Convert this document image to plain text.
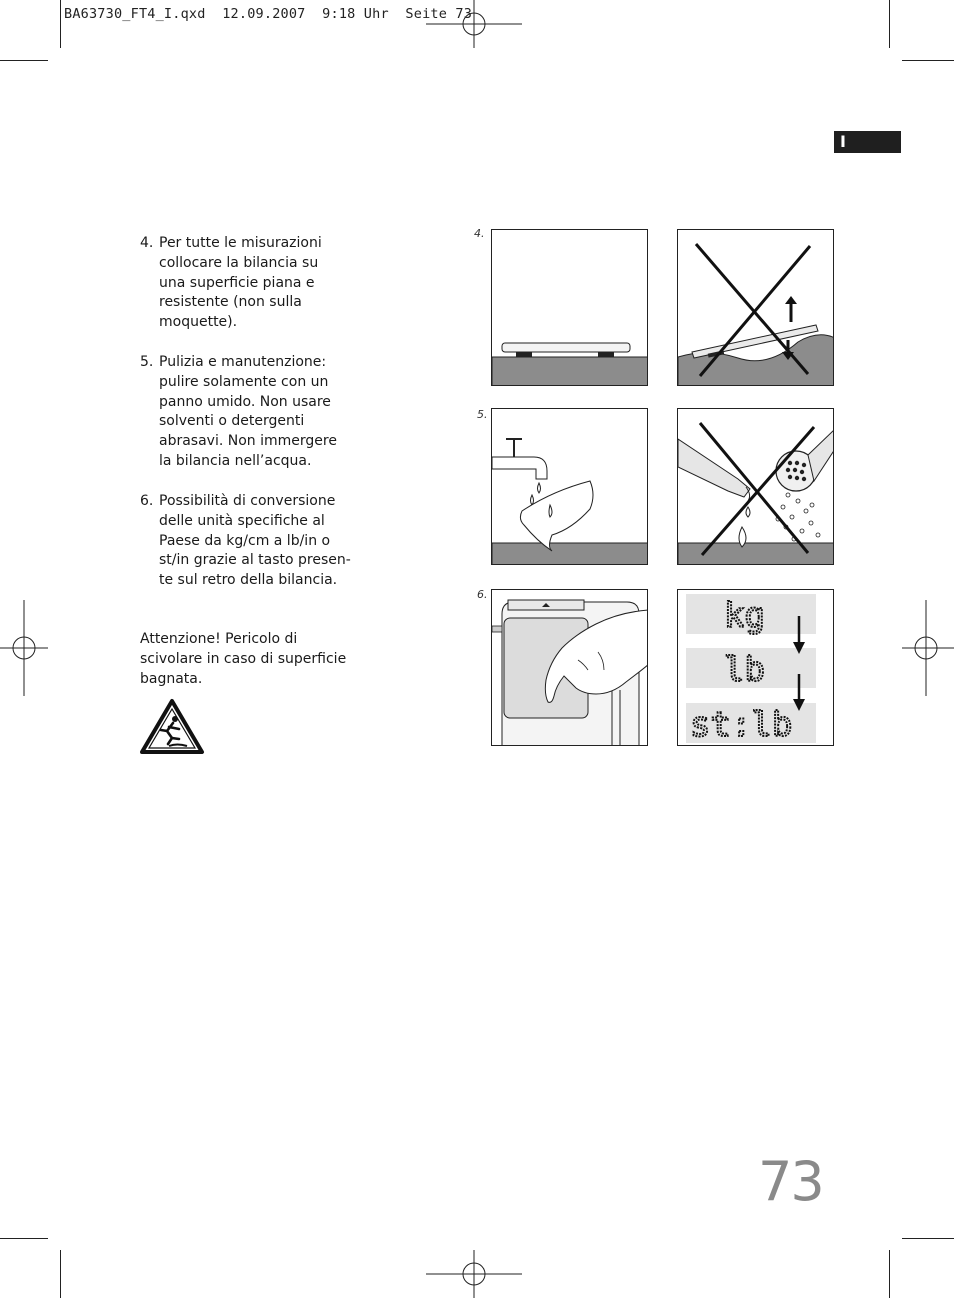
BA63730_FT4_I.qxd  12.09.2007  9:18 Uhr  Seite 73
I
4. Per tutte le misurazioni
collocare la bilancia su
una superficie piana e
resistente (non sulla
moquette).
5. Pulizia e manutenzione:
pulire solamente con un
panno umido. Non usare
solventi o detergenti
abrasavi. Non immergere
la bilancia nell’acqua.
6. Possibilità di conversione
delle unità specifiche al
Paese da kg/cm a lb/in o
st/in grazie al tasto presen-
te sul retro della bilancia.
Attenzione! Pericolo di
scivolare in caso di superficie
bagnata.
4.
5.
6.
kg
lb
st:lb
73
